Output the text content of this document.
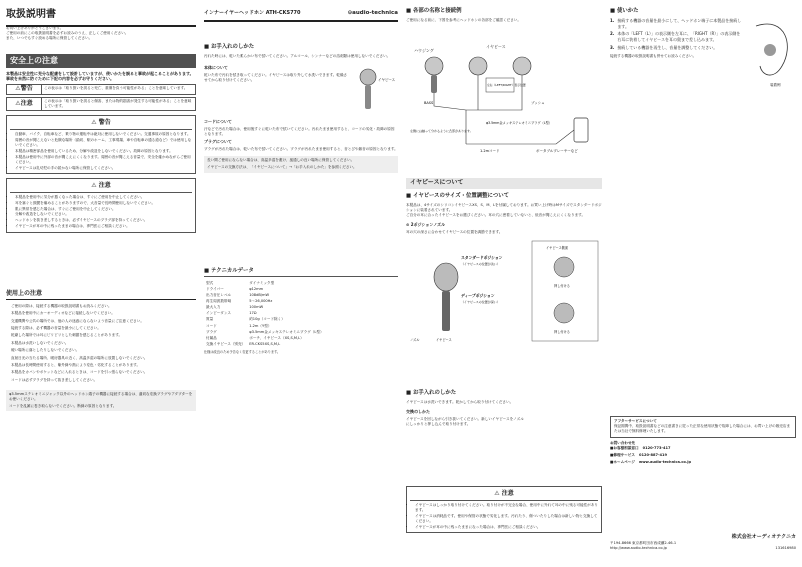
取扱説明書
お買い上げありがとうございます。
ご使用の前にこの取扱説明書を必ずお読みのうえ、正しくご使用ください。
また、いつでもすぐ読める場所に保管してください。
安全上の注意
本製品は安全性に充分な配慮をして設計していますが、使いかたを誤ると事故が起こることがあります。事故を未然に防ぐために下記の内容を必ずお守りください。
⚠ 警告	この表示は「取り扱いを誤ると死亡、重傷を負う可能性がある」ことを意味しています。
⚠ 注意	この表示は「取り扱いを誤ると傷害、または物的損害が発生する可能性がある」ことを意味しています。
⚠ 警告
• 自動車、バイク、自転車など、乗り物の運転中は絶対に使用しないでください。交通事故の原因となります。
• 周囲の音が聞こえないと危険な場所（踏切、駅のホーム、工事現場、車や自転車の通る道など）では使用しないでください。
• 本製品は精密部品を使用しているため、分解や改造をしないでください。故障の原因となります。
• 本製品は使用中に外部の音が聞こえにくくなります。周囲の音が聞こえる音量で、安全を確かめながらご使用ください。
• イヤピースは乳幼児の手の届かない場所に保管してください。
⚠ 注意
• 本製品を使用中に気分が悪くなった場合は、すぐにご使用を中止してください。
• 耳を塞ぐと鼓膜を痛めることがありますので、大音量で長時間使用しないでください。
• 肌に異常を感じた場合は、すぐにご使用を中止してください。
• 分解や改造をしないでください。
• ヘッドホンを抜き差しするときは、必ずイヤピースのプラグ部を持ってください。
• イヤピースが耳の中に残ったままの場合は、専門医にご相談ください。
使用上の注意
• ご使用の際は、接続する機器の取扱説明書もお読みください。
• 本製品を使用中にカーオーディオなどに接続しないでください。
• 交通機関や公共の場所では、他の人の迷惑にならないよう音量にご注意ください。
• 接続する際は、必ず機器の音量を最小にしてください。
• 乾燥した場所では耳にピリピリとした刺激を感じることがあります。
• 本製品は水洗いしないでください。
• 硬い場所に落としたりしないでください。
• 直射日光の当たる場所、暖房器具の近く、高温多湿の場所に放置しないでください。
• 本製品は長時間使用すると、紫外線や熱により変色・劣化することがあります。
• 本製品をカバンやポケットなどに入れるときは、コードを引っ張らないでください。
• コードは必ずプラグを持って抜き差ししてください。
φ3.5mmステレオミニジャック以外のヘッドホン端子の機器に接続する場合は、適切な変換プラグやアダプターをお使いください。
コードを乱雑に巻き取らないでください。断線の原因となります。
インナーイヤーヘッドホン ATH-CKS770	⊙audio-technica
■ お手入れのしかた
汚れた時には、乾いた柔らかい布で拭いてください。アルコール、シンナーなどの溶剤類は使用しないでください。
本体について
乾いた布で汚れを拭き取ってください。イヤピースは取り外して水洗いできます。乾燥させてから取り付けてください。	イヤピース
コードについて
汗などで汚れた場合は、使用後すぐに乾いた布で拭いてください。汚れたまま使用すると、コードの劣化・故障の原因となります。
プラグについて
プラグが汚れた場合は、乾いた布で拭いてください。プラグが汚れたまま使用すると、音とびや雑音の原因となります。
長い間ご使用にならない場合は、高温多湿を避け、風通しの良い場所に保管してください。
イヤピースの交換方法は、「イヤピースについて」→「お手入れのしかた」を参照ください。
■ テクニカルデータ
型式	ダイナミック型
ドライバー	φ12mm
出力音圧レベル	108dB/mW
再生周波数帯域	5～26,000Hz
最大入力	100mW
インピーダンス	17Ω
質量	約10g（コード除く）
コード	1.2m（Y型）
プラグ	φ3.5mm金メッキステレオミニプラグ（L型）
付属品	ポーチ、イヤピース（XS,S,M,L）
交換イヤピース（別売）	ER-CKS5XS,S,M,L
仕様は改良のため予告なく変更することがあります。
■ 各部の名称と接続例
ご使用になる前に、下図を参考にヘッドホンの各部をご確認ください。
ハウジング
イヤピース
BASS
左右（LEFT/RIGHT）表示位置
ブッシュ
φ3.5mm金メッキステレオミニプラグ（L型）
1.2mコード	ポータブルプレーヤーなど
左側には触って分かるように凸部があります。
イヤピースについて
■ イヤピースのサイズ・位置調整について
本製品は、4サイズのシリコンイヤピースXS、S、M、Lを付属しております。お買い上げ時はMサイズでスタンダードポジションに装着されています。
ご自分の耳に合ったイヤピースをお選びください。耳の穴に密着していないと、低音が聞こえにくくなります。
⊙ 2ポジションノズル
耳の穴の深さに合わせてイヤピースの位置を調節できます。
スタンダードポジション
（イヤピースの位置が浅い）
ディープポジション
（イヤピースの位置が深い）
イヤピース側面
押し付ける
押し付ける
ノズル	イヤピース
■ お手入れのしかた
イヤピースは水洗いできます。乾かしてから取り付けてください。
交換のしかた
イヤピースを回しながら引き抜いてください。新しいイヤピースをノズルにしっかりと押し込んで取り付けます。
⚠ 注意
• イヤピースはしっかり取り付けてください。取り付けが不完全な場合、使用中に外れて耳の中に残る可能性があります。
• イヤピースは消耗品です。使用や保管の状態で劣化します。汚れたり、傷ついたりした場合は新しい物と交換してください。
• イヤピースが耳の中に残ったままになった場合は、専門医にご相談ください。
■ 使いかた
1. 接続する機器の音量を最小にして、ヘッドホン端子に本製品を接続します。
2. 本体の「LEFT（L）」の表示側を左耳に、「RIGHT（R）」の表示側を右耳に装着してイヤピースを耳の奥まで差し込みます。
3. 接続している機器を再生し、音量を調整してください。
接続する機器の取扱説明書も併せてお読みください。
装着例
アフターサービスについて
保証期間中、取扱説明書などの注意書きに従った正常な使用状態で故障した場合には、お買い上げの販売店または当社で無料修理いたします。
お問い合わせ先
■お客様相談窓口 0120-773-417
■修理サービス 0120-887-419
■ホームページ www.audio-technica.co.jp
株式会社オーディオテクニカ
〒194-8666 東京都町田市西成瀬2-46-1
http://www.audio-technica.co.jp	131616980
